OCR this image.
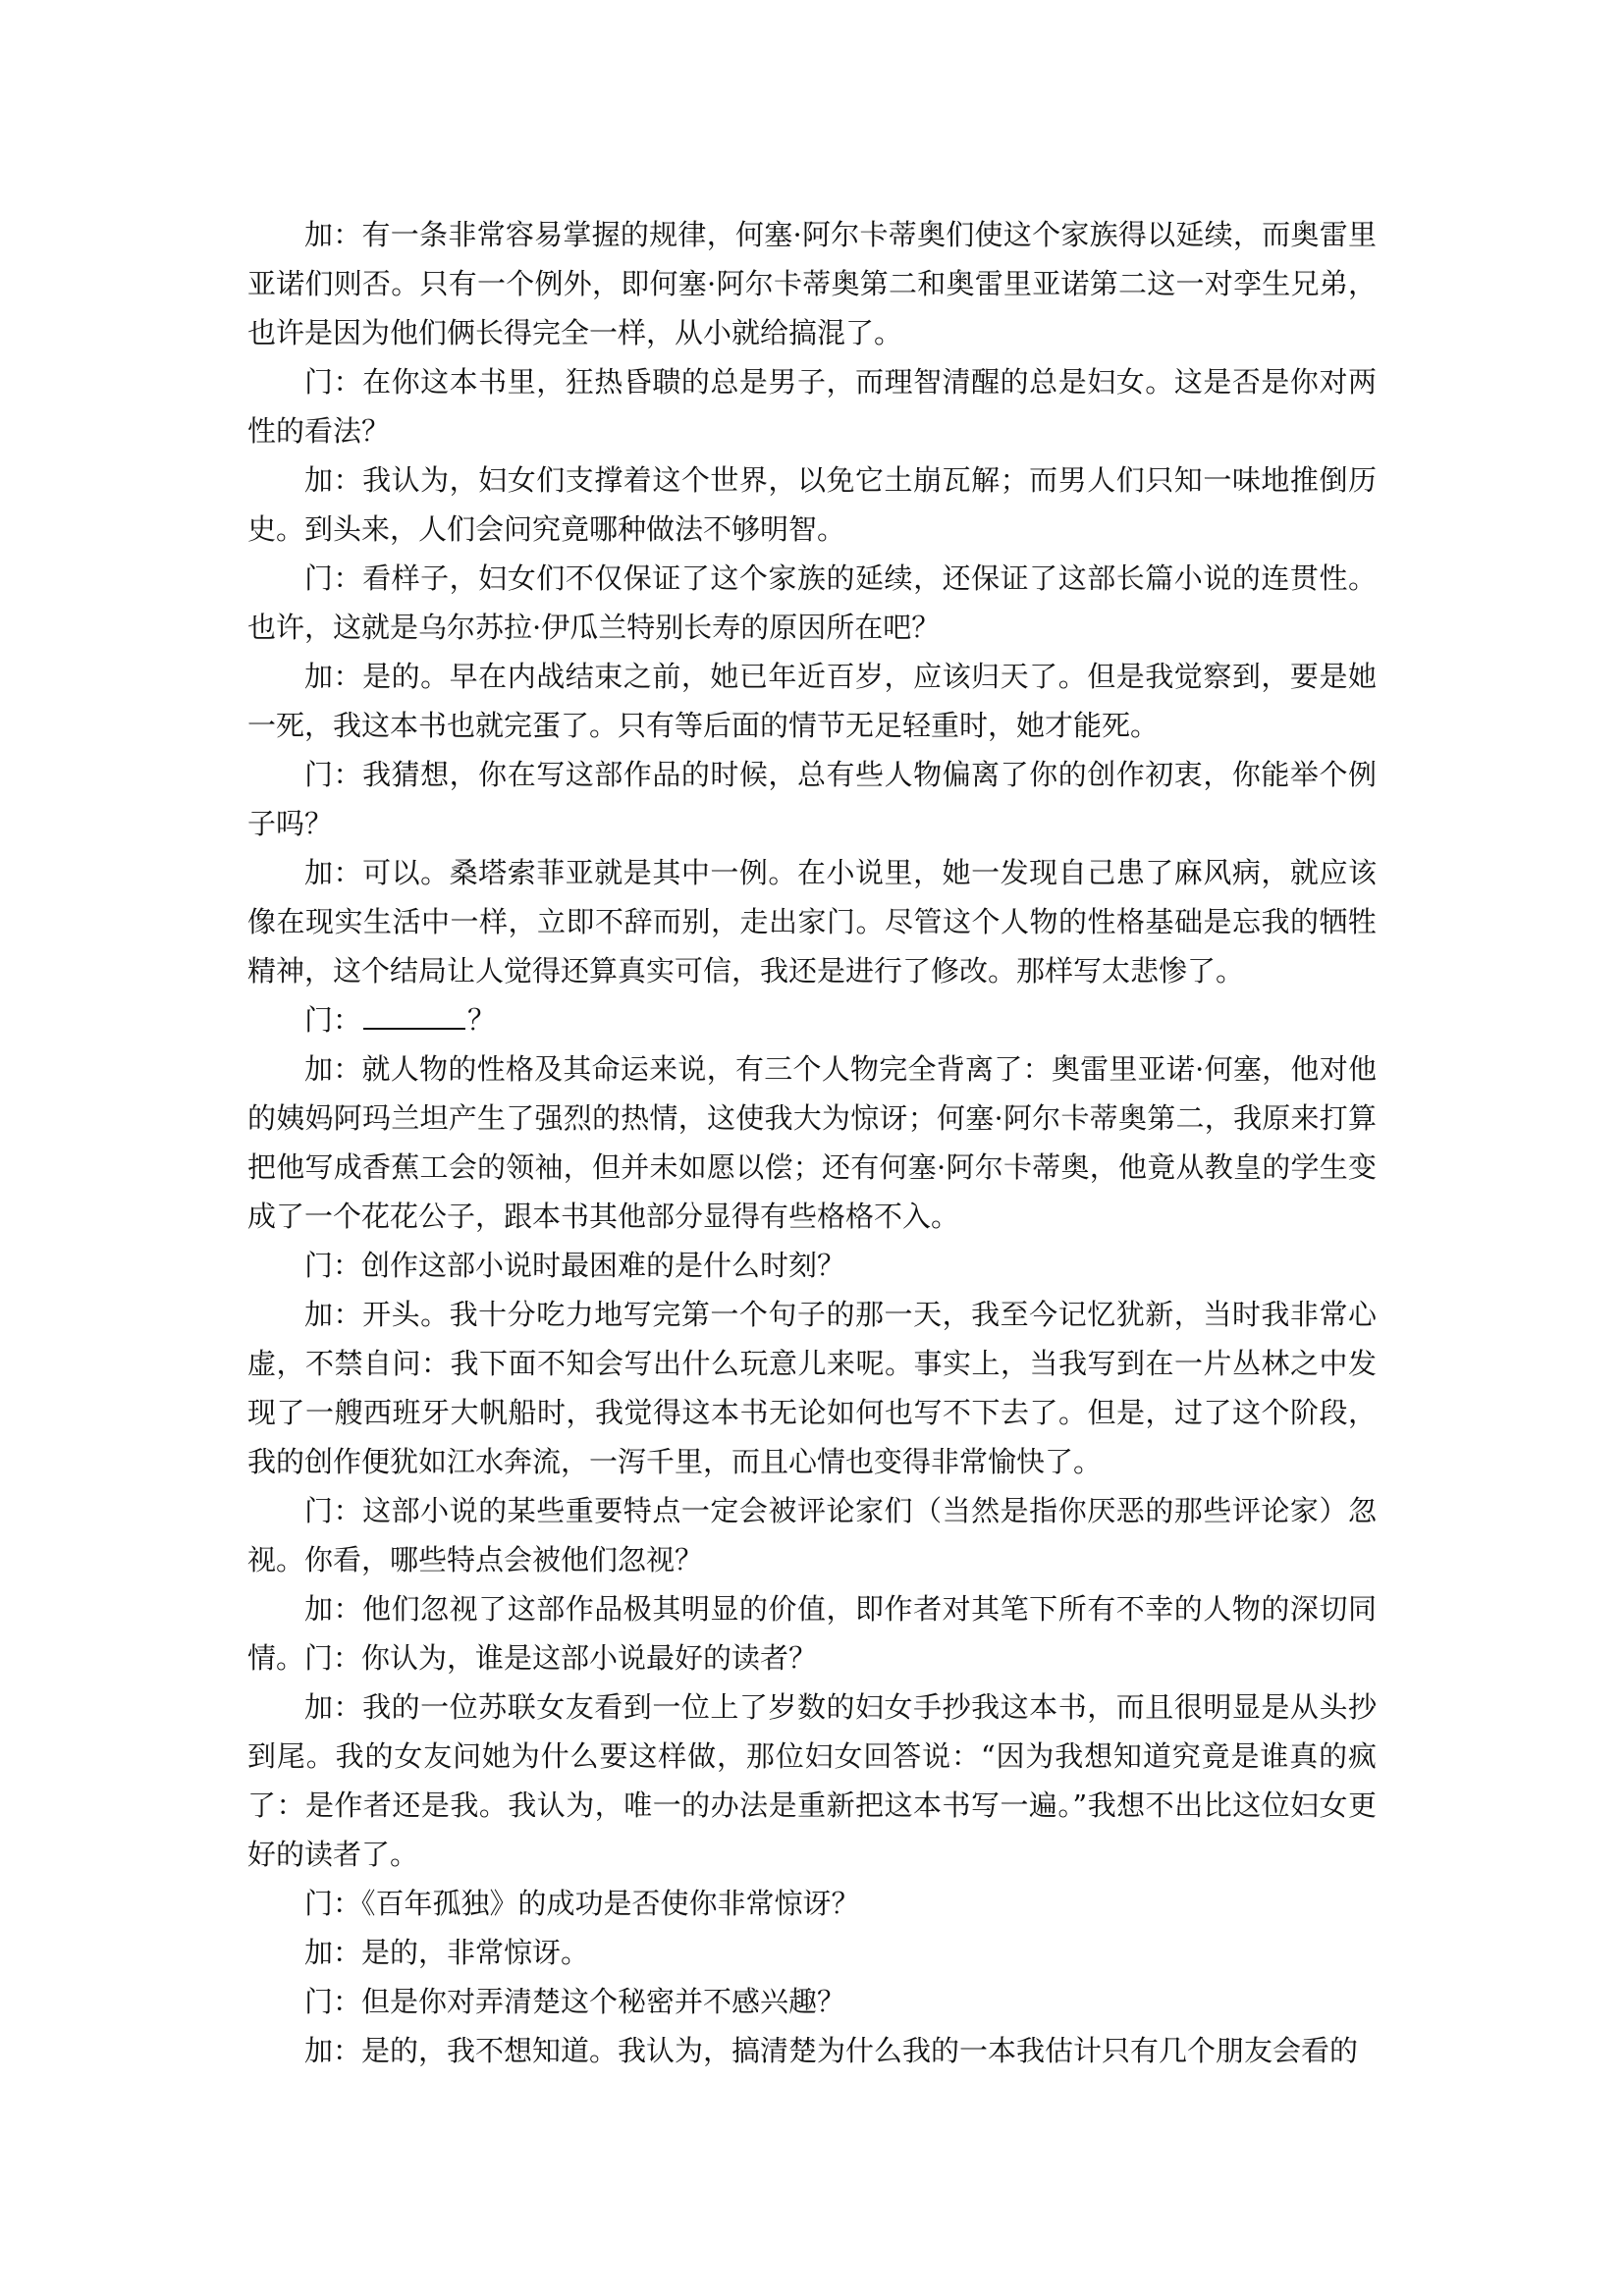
加：有一条非常容易掌握的规律，何塞·阿尔卡蒂奥们使这个家族得以延续，而奥雷里亚诺们则否。只有一个例外，即何塞·阿尔卡蒂奥第二和奥雷里亚诺第二这一对孪生兄弟，也许是因为他们俩长得完全一样，从小就给搞混了。

门：在你这本书里，狂热昏聩的总是男子，而理智清醒的总是妇女。这是否是你对两性的看法？

加：我认为，妇女们支撑着这个世界，以免它土崩瓦解；而男人们只知一味地推倒历史。到头来，人们会问究竟哪种做法不够明智。

门：看样子，妇女们不仅保证了这个家族的延续，还保证了这部长篇小说的连贯性。也许，这就是乌尔苏拉·伊瓜兰特别长寿的原因所在吧？

加：是的。早在内战结束之前，她已年近百岁，应该归天了。但是我觉察到，要是她一死，我这本书也就完蛋了。只有等后面的情节无足轻重时，她才能死。

门：我猜想，你在写这部作品的时候，总有些人物偏离了你的创作初衷，你能举个例子吗？

加：可以。桑塔索菲亚就是其中一例。在小说里，她一发现自己患了麻风病，就应该像在现实生活中一样，立即不辞而别，走出家门。尽管这个人物的性格基础是忘我的牺牲精神，这个结局让人觉得还算真实可信，我还是进行了修改。那样写太悲惨了。

门：	？

加：就人物的性格及其命运来说，有三个人物完全背离了：奥雷里亚诺·何塞，他对他的姨妈阿玛兰坦产生了强烈的热情，这使我大为惊讶；何塞·阿尔卡蒂奥第二，我原来打算把他写成香蕉工会的领袖，但并未如愿以偿；还有何塞·阿尔卡蒂奥，他竟从教皇的学生变成了一个花花公子，跟本书其他部分显得有些格格不入。

门：创作这部小说时最困难的是什么时刻？

加：开头。我十分吃力地写完第一个句子的那一天，我至今记忆犹新，当时我非常心虚，不禁自问：我下面不知会写出什么玩意儿来呢。事实上，当我写到在一片丛林之中发现了一艘西班牙大帆船时，我觉得这本书无论如何也写不下去了。但是，过了这个阶段，我的创作便犹如江水奔流，一泻千里，而且心情也变得非常愉快了。

门：这部小说的某些重要特点一定会被评论家们（当然是指你厌恶的那些评论家）忽视。你看，哪些特点会被他们忽视？

加：他们忽视了这部作品极其明显的价值，即作者对其笔下所有不幸的人物的深切同情。门：你认为，谁是这部小说最好的读者？

加：我的一位苏联女友看到一位上了岁数的妇女手抄我这本书，而且很明显是从头抄到尾。我的女友问她为什么要这样做，那位妇女回答说：“因为我想知道究竟是谁真的疯了：是作者还是我。我认为，唯一的办法是重新把这本书写一遍。”我想不出比这位妇女更好的读者了。

门：《百年孤独》的成功是否使你非常惊讶？

加：是的，非常惊讶。

门：但是你对弄清楚这个秘密并不感兴趣？

加：是的，我不想知道。我认为，搞清楚为什么我的一本我估计只有几个朋友会看的
